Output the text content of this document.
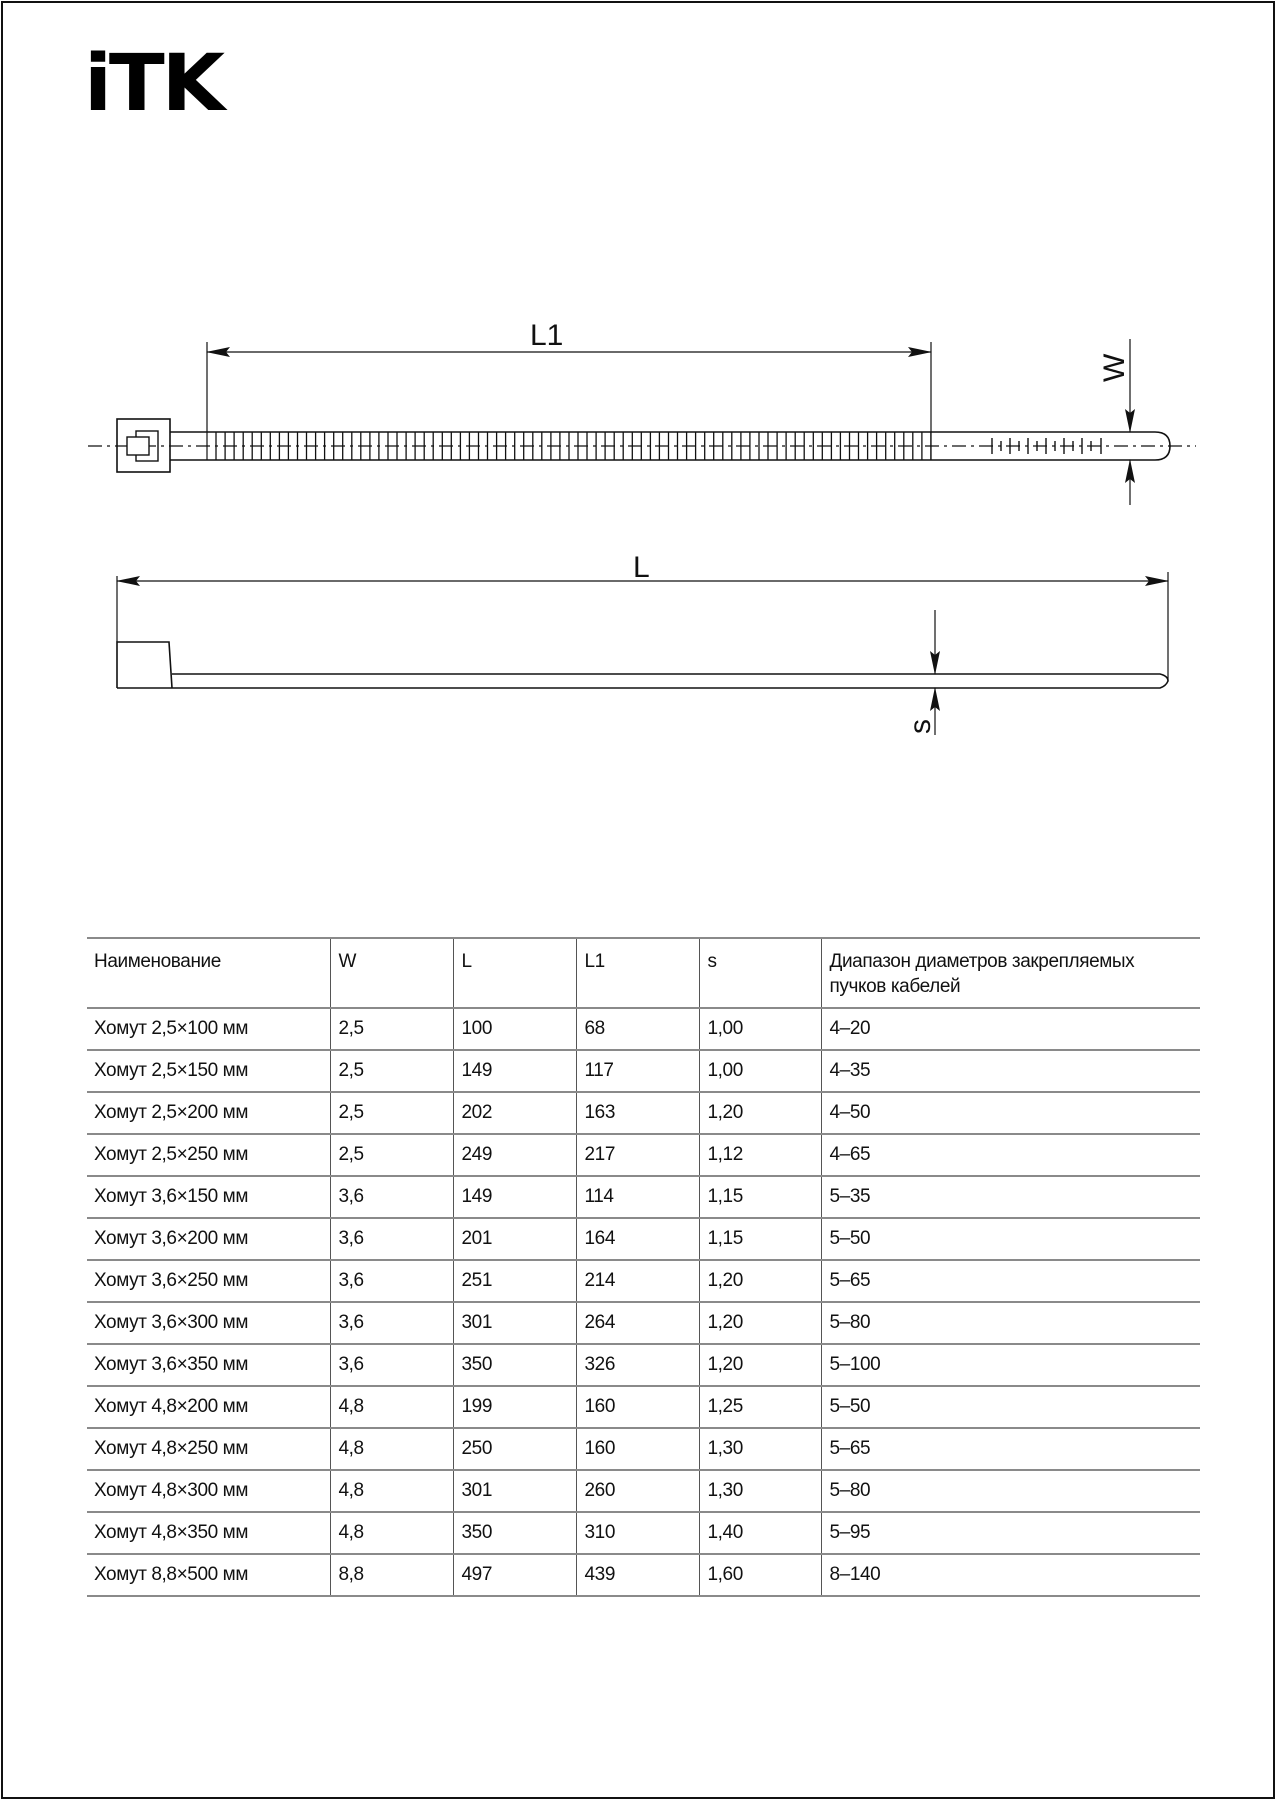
iTK
L1
W
L
s
Наименование	W	L	L1	s	Диапазон диаметров закрепляемых пучков кабелей

Хомут 2,5×100 мм	2,5	100	68	1,00	4–20
Хомут 2,5×150 мм	2,5	149	117	1,00	4–35
Хомут 2,5×200 мм	2,5	202	163	1,20	4–50
Хомут 2,5×250 мм	2,5	249	217	1,12	4–65
Хомут 3,6×150 мм	3,6	149	114	1,15	5–35
Хомут 3,6×200 мм	3,6	201	164	1,15	5–50
Хомут 3,6×250 мм	3,6	251	214	1,20	5–65
Хомут 3,6×300 мм	3,6	301	264	1,20	5–80
Хомут 3,6×350 мм	3,6	350	326	1,20	5–100
Хомут 4,8×200 мм	4,8	199	160	1,25	5–50
Хомут 4,8×250 мм	4,8	250	160	1,30	5–65
Хомут 4,8×300 мм	4,8	301	260	1,30	5–80
Хомут 4,8×350 мм	4,8	350	310	1,40	5–95
Хомут 8,8×500 мм	8,8	497	439	1,60	8–140
